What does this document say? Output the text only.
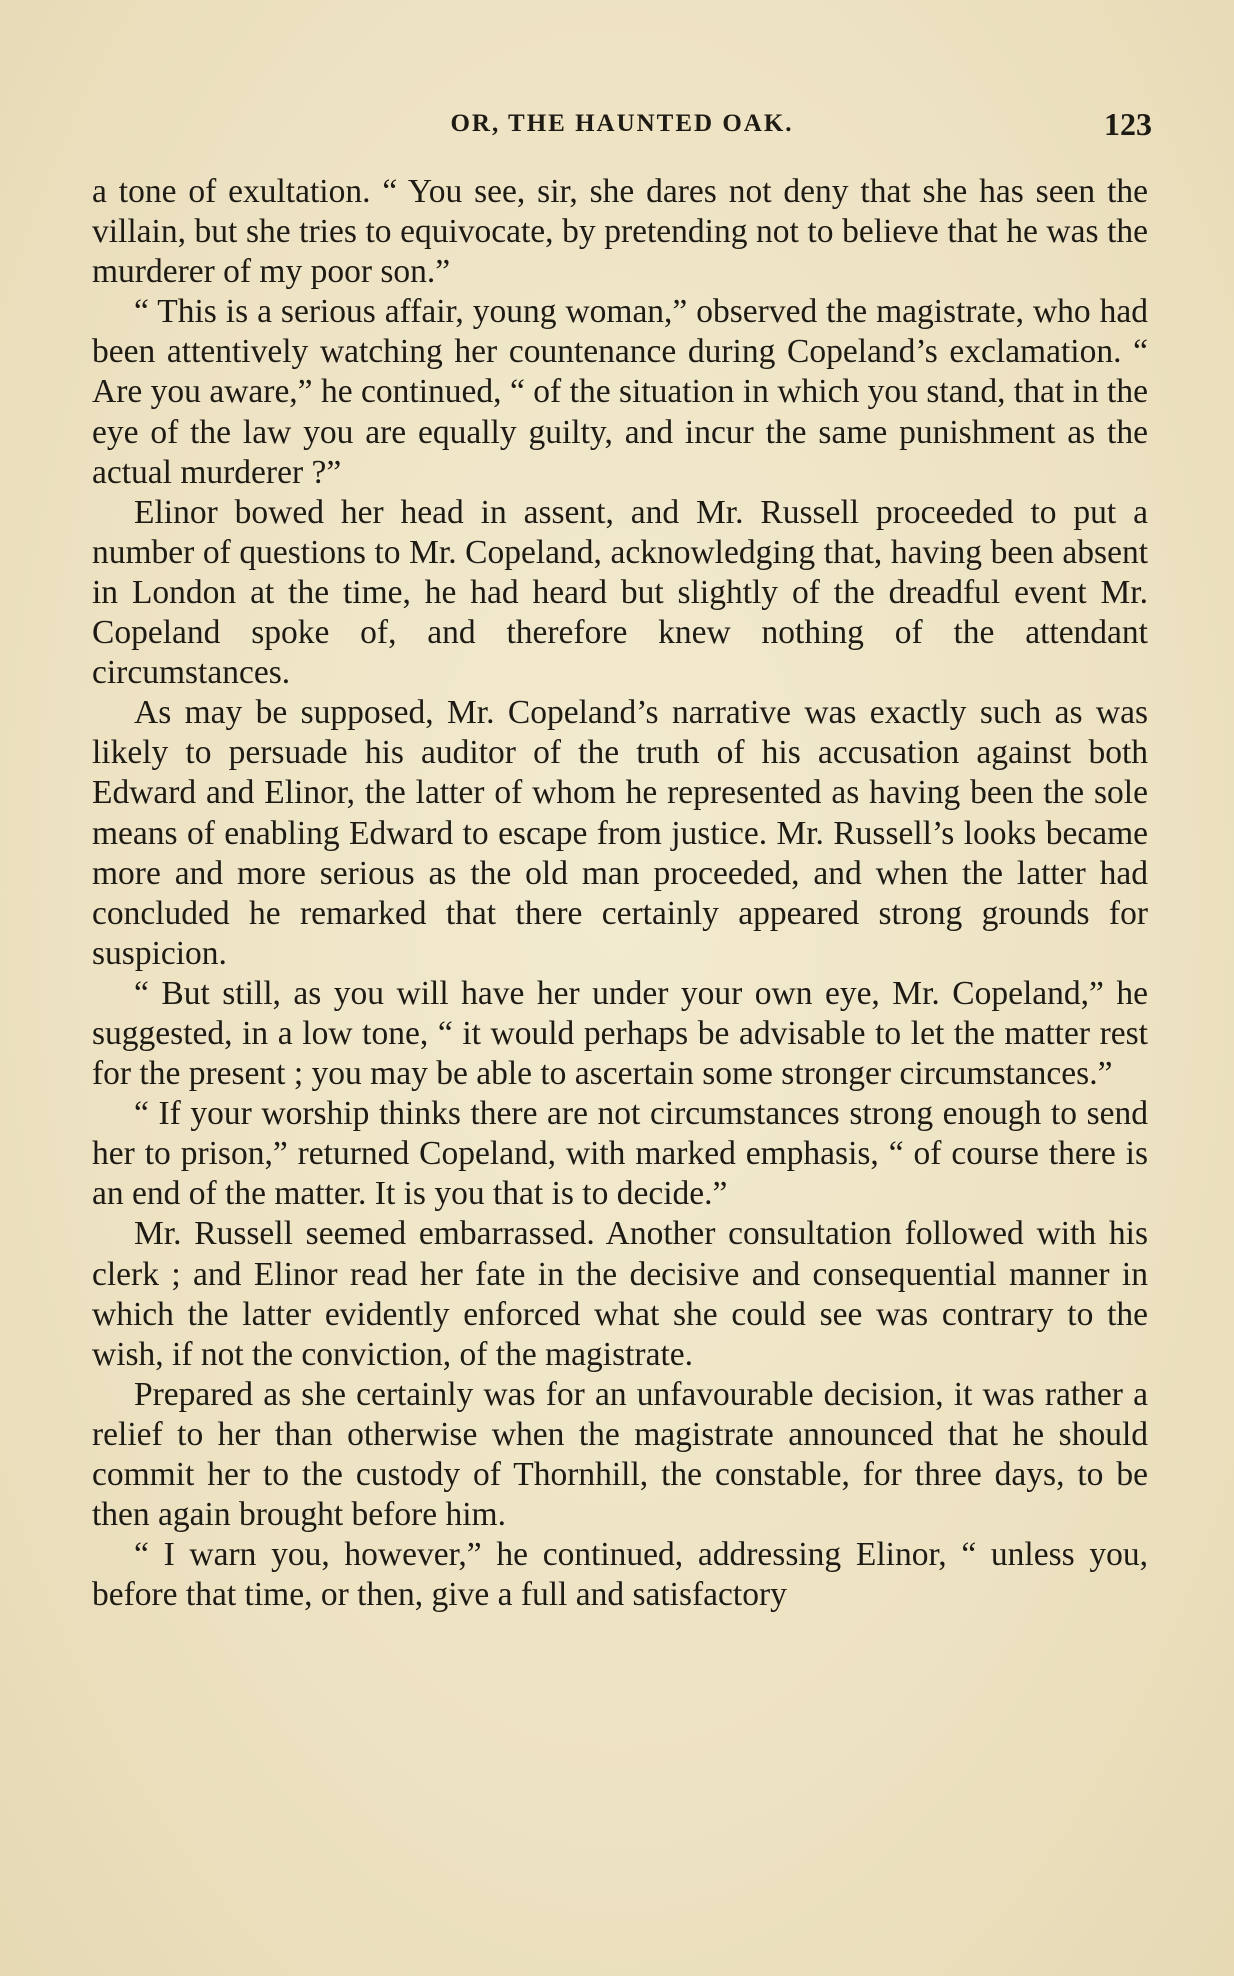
OR, THE HAUNTED OAK.	123

a tone of exultation. “ You see, sir, she dares not deny that she has seen the villain, but she tries to equivocate, by pretending not to believe that he was the murderer of my poor son.”

“ This is a serious affair, young woman,” observed the magistrate, who had been attentively watching her countenance during Copeland’s exclamation. “ Are you aware,” he continued, “ of the situation in which you stand, that in the eye of the law you are equally guilty, and incur the same punishment as the actual murderer ?”

Elinor bowed her head in assent, and Mr. Russell proceeded to put a number of questions to Mr. Copeland, acknowledging that, having been absent in London at the time, he had heard but slightly of the dreadful event Mr. Copeland spoke of, and therefore knew nothing of the attendant circumstances.

As may be supposed, Mr. Copeland’s narrative was exactly such as was likely to persuade his auditor of the truth of his accusation against both Edward and Elinor, the latter of whom he represented as having been the sole means of enabling Edward to escape from justice. Mr. Russell’s looks became more and more serious as the old man proceeded, and when the latter had concluded he remarked that there certainly appeared strong grounds for suspicion.

“ But still, as you will have her under your own eye, Mr. Copeland,” he suggested, in a low tone, “ it would perhaps be advisable to let the matter rest for the present ; you may be able to ascertain some stronger circumstances.”

“ If your worship thinks there are not circumstances strong enough to send her to prison,” returned Copeland, with marked emphasis, “ of course there is an end of the matter. It is you that is to decide.”

Mr. Russell seemed embarrassed. Another consultation followed with his clerk ; and Elinor read her fate in the decisive and consequential manner in which the latter evidently enforced what she could see was contrary to the wish, if not the conviction, of the magistrate.

Prepared as she certainly was for an unfavourable decision, it was rather a relief to her than otherwise when the magistrate announced that he should commit her to the custody of Thornhill, the constable, for three days, to be then again brought before him.

“ I warn you, however,” he continued, addressing Elinor, “ unless you, before that time, or then, give a full and satisfactory
